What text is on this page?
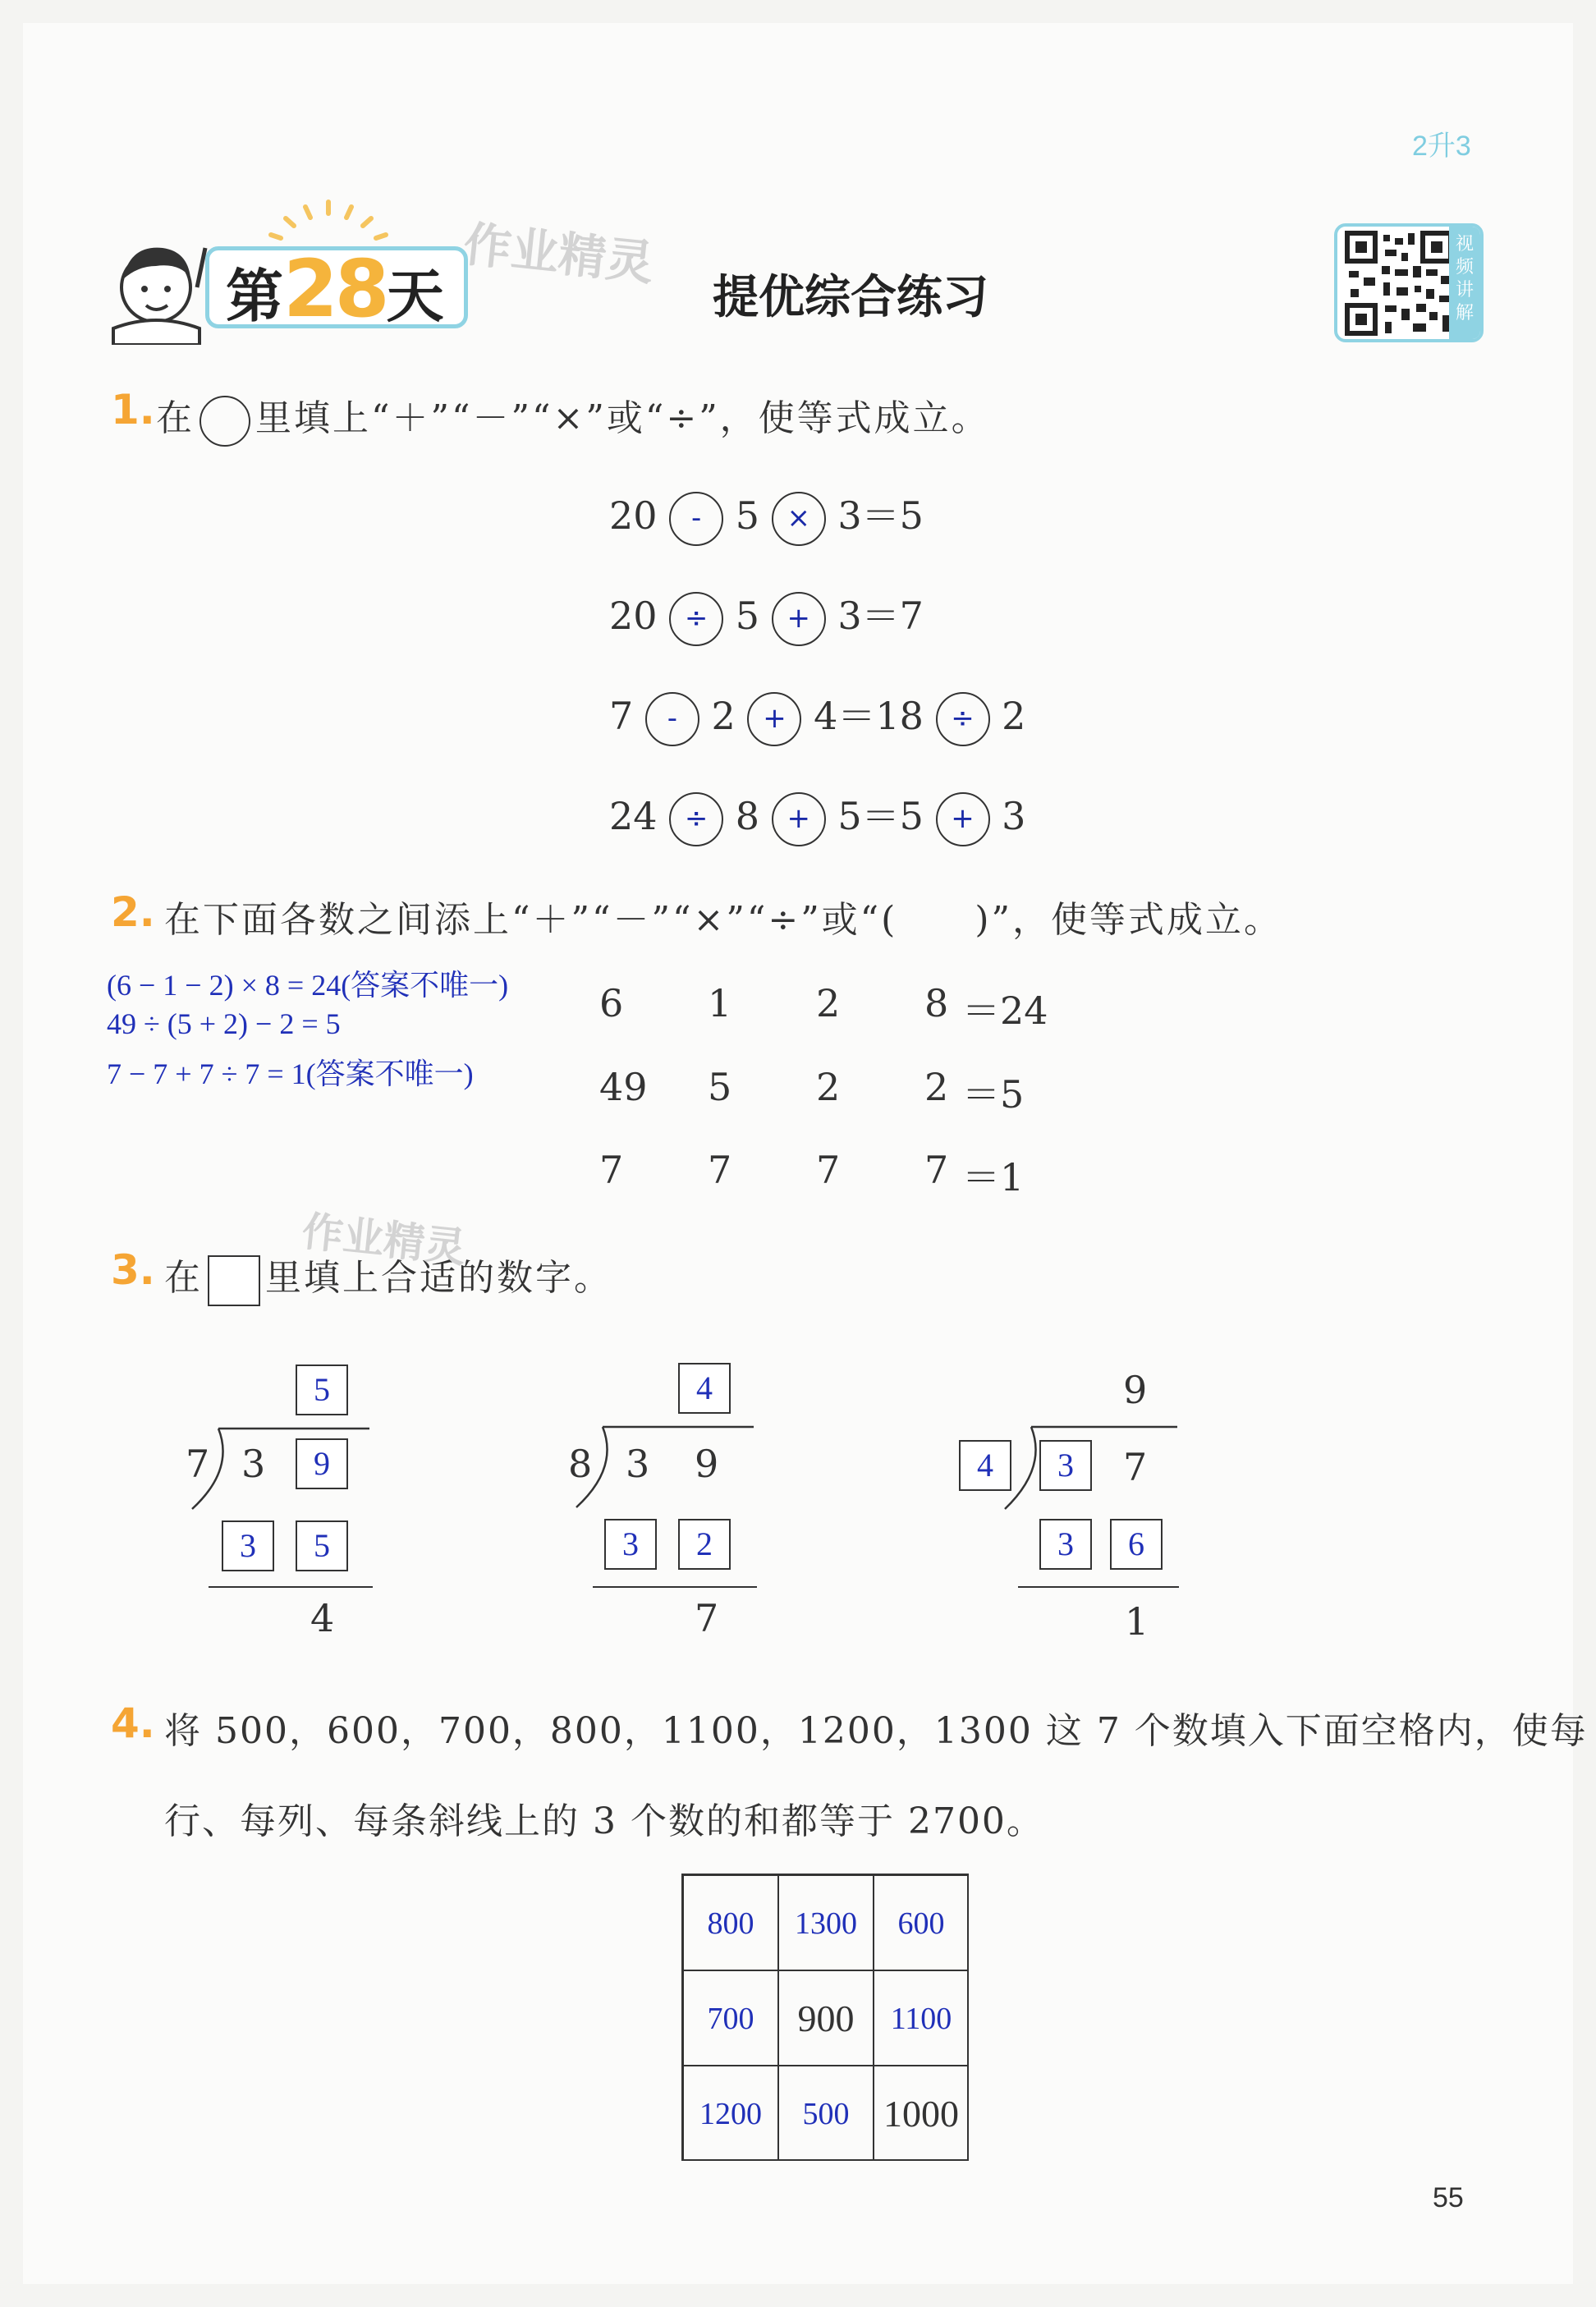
2升3
第28天
作业精灵
提优综合练习
视
频
讲
解
1. 在 里填上“＋”“－”“×”或“÷”，使等式成立。
20 - 5 × 3＝5
20 ÷ 5 + 3＝7
7 - 2 + 4＝18 ÷ 2
24 ÷ 8 + 5＝5 + 3
2. 在下面各数之间添上“＋”“－”“×”“÷”或“(　　)”，使等式成立。
(6 − 1 − 2) × 8 = 24(答案不唯一)
49 ÷ (5 + 2) − 2 = 5
7 − 7 + 7 ÷ 7 = 1(答案不唯一)
6 1 2 8 ＝24
49 5 2 2 ＝5
7 7 7 7 ＝1
作业精灵
3. 在 里填上合适的数字。
5
7 3	9
3	5
4
4
8 3 9
3	2
7
9
4	3	7
3	6
1
4. 将 500，600，700，800，1100，1200，1300 这 7 个数填入下面空格内，使每
行、每列、每条斜线上的 3 个数的和都等于 2700。
800	1300	600
700	900	1100
1200	500 1000
55
